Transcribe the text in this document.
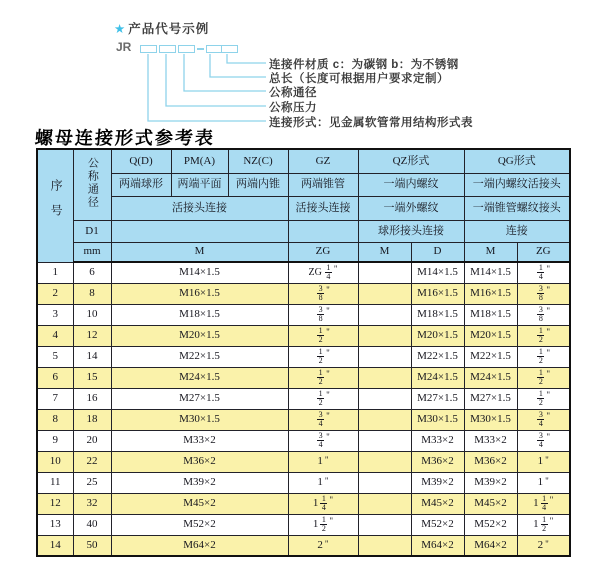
★ 产品代号示例
JR
连接件材质 c：为碳钢 b：为不锈钢
总长（长度可根据用户要求定制）
公称通径
公称压力
连接形式：见金属软管常用结构形式表
螺母连接形式参考表
序号	公称通径	Q(D)	PM(A)	NZ(C)	GZ	QZ形式		QG形式	
		两端球形	两端平面	两端内锥	两端锥管	一端内螺纹		一端内螺纹活接头	
		活接头连接			活接头连接	一端外螺纹		一端锥管螺纹接头	
	D1					球形接头连接		连接	
	mm	M			ZG	M	D	M	ZG
1	6	M14×1.5			ZG $\frac{1}{4}$ "		M14×1.5	M14×1.5	$\frac{1}{4}$ "
2	8	M16×1.5			$\frac{3}{8}$ "		M16×1.5	M16×1.5	$\frac{3}{8}$ "
3	10	M18×1.5			$\frac{3}{8}$ "		M18×1.5	M18×1.5	$\frac{3}{8}$ "
4	12	M20×1.5			$\frac{1}{2}$ "		M20×1.5	M20×1.5	$\frac{1}{2}$ "
5	14	M22×1.5			$\frac{1}{2}$ "		M22×1.5	M22×1.5	$\frac{1}{2}$ "
6	15	M24×1.5			$\frac{1}{2}$ "		M24×1.5	M24×1.5	$\frac{1}{2}$ "
7	16	M27×1.5			$\frac{1}{2}$ "		M27×1.5	M27×1.5	$\frac{1}{2}$ "
8	18	M30×1.5			$\frac{3}{4}$ "		M30×1.5	M30×1.5	$\frac{3}{4}$ "
9	20	M33×2			$\frac{3}{4}$ "		M33×2	M33×2	$\frac{3}{4}$ "
10	22	M36×2			1 "		M36×2	M36×2	1 "
11	25	M39×2			1 "		M39×2	M39×2	1 "
12	32	M45×2			$1 \frac{1}{4}$ "		M45×2	M45×2	$1 \frac{1}{4}$ "
13	40	M52×2			$1 \frac{1}{2}$ "		M52×2	M52×2	$1 \frac{1}{2}$ "
14	50	M64×2			2 "		M64×2	M64×2	2 "
